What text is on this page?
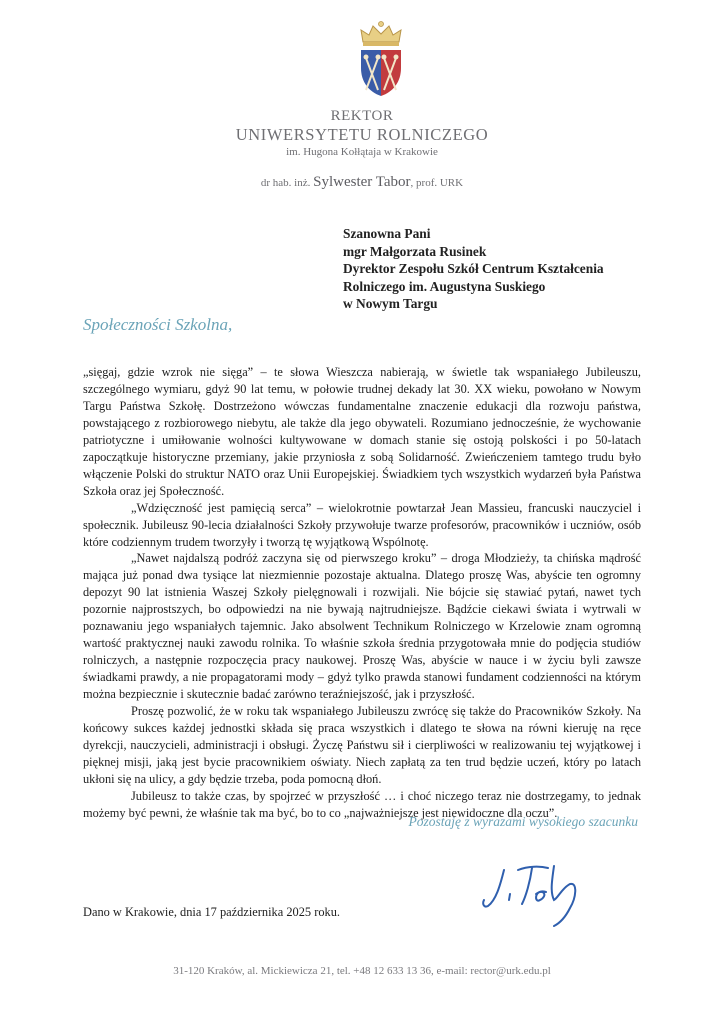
REKTOR
UNIWERSYTETU ROLNICZEGO
im. Hugona Kołłątaja w Krakowie
dr hab. inż. Sylwester Tabor, prof. URK
Szanowna Pani
mgr Małgorzata Rusinek
Dyrektor Zespołu Szkół Centrum Kształcenia
Rolniczego im. Augustyna Suskiego
w Nowym Targu
Społeczności Szkolna,

„sięgaj, gdzie wzrok nie sięga” – te słowa Wieszcza nabierają, w świetle tak wspaniałego Jubileuszu, szczególnego wymiaru, gdyż 90 lat temu, w połowie trudnej dekady lat 30. XX wieku, powołano w Nowym Targu Państwa Szkołę. Dostrzeżono wówczas fundamentalne znaczenie edukacji dla rozwoju państwa, powstającego z rozbiorowego niebytu, ale także dla jego obywateli. Rozumiano jednocześnie, że wychowanie patriotyczne i umiłowanie wolności kultywowane w domach stanie się ostoją polskości i po 50-latach zapoczątkuje historyczne przemiany, jakie przyniosła z sobą Solidarność. Zwieńczeniem tamtego trudu było włączenie Polski do struktur NATO oraz Unii Europejskiej. Świadkiem tych wszystkich wydarzeń była Państwa Szkoła oraz jej Społeczność.

„Wdzięczność jest pamięcią serca” – wielokrotnie powtarzał Jean Massieu, francuski nauczyciel i społecznik. Jubileusz 90-lecia działalności Szkoły przywołuje twarze profesorów, pracowników i uczniów, osób które codziennym trudem tworzyły i tworzą tę wyjątkową Wspólnotę.

„Nawet najdalszą podróż zaczyna się od pierwszego kroku” – droga Młodzieży, ta chińska mądrość mająca już ponad dwa tysiące lat niezmiennie pozostaje aktualna. Dlatego proszę Was, abyście ten ogromny depozyt 90 lat istnienia Waszej Szkoły pielęgnowali i rozwijali. Nie bójcie się stawiać pytań, nawet tych pozornie najprostszych, bo odpowiedzi na nie bywają najtrudniejsze. Bądźcie ciekawi świata i wytrwali w poznawaniu jego wspaniałych tajemnic. Jako absolwent Technikum Rolniczego w Krzelowie znam ogromną wartość praktycznej nauki zawodu rolnika. To właśnie szkoła średnia przygotowała mnie do podjęcia studiów rolniczych, a następnie rozpoczęcia pracy naukowej. Proszę Was, abyście w nauce i w życiu byli zawsze świadkami prawdy, a nie propagatorami mody – gdyż tylko prawda stanowi fundament codzienności na którym można bezpiecznie i skutecznie badać zarówno teraźniejszość, jak i przyszłość.

Proszę pozwolić, że w roku tak wspaniałego Jubileuszu zwrócę się także do Pracowników Szkoły. Na końcowy sukces każdej jednostki składa się praca wszystkich i dlatego te słowa na równi kieruję na ręce dyrekcji, nauczycieli, administracji i obsługi. Życzę Państwu sił i cierpliwości w realizowaniu tej wyjątkowej i pięknej misji, jaką jest bycie pracownikiem oświaty. Niech zapłatą za ten trud będzie uczeń, który po latach ukłoni się na ulicy, a gdy będzie trzeba, poda pomocną dłoń.

Jubileusz to także czas, by spojrzeć w przyszłość … i choć niczego teraz nie dostrzegamy, to jednak możemy być pewni, że właśnie tak ma być, bo to co „najważniejsze jest niewidoczne dla oczu”.

Pozostaję z wyrazami wysokiego szacunku
Dano w Krakowie, dnia 17 października 2025 roku.
31-120 Kraków, al. Mickiewicza 21, tel. +48 12 633 13 36, e-mail: rector@urk.edu.pl
